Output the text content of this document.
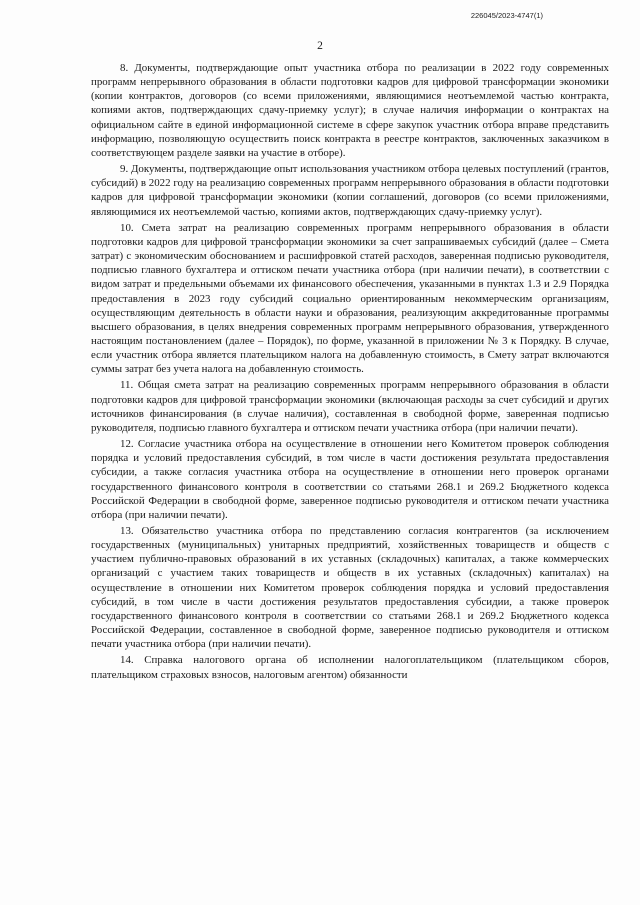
226045/2023-4747(1)
2

8. Документы, подтверждающие опыт участника отбора по реализации в 2022 году современных программ непрерывного образования в области подготовки кадров для цифровой трансформации экономики (копии контрактов, договоров (со всеми приложениями, являющимися неотъемлемой частью контракта, копиями актов, подтверждающих сдачу-приемку услуг); в случае наличия информации о контрактах на официальном сайте в единой информационной системе в сфере закупок участник отбора вправе представить информацию, позволяющую осуществить поиск контракта в реестре контрактов, заключенных заказчиком в соответствующем разделе заявки на участие в отборе).

9. Документы, подтверждающие опыт использования участником отбора целевых поступлений (грантов, субсидий) в 2022 году на реализацию современных программ непрерывного образования в области подготовки кадров для цифровой трансформации экономики (копии соглашений, договоров (со всеми приложениями, являющимися их неотъемлемой частью, копиями актов, подтверждающих сдачу-приемку услуг).

10. Смета затрат на реализацию современных программ непрерывного образования в области подготовки кадров для цифровой трансформации экономики за счет запрашиваемых субсидий (далее – Смета затрат) с экономическим обоснованием и расшифровкой статей расходов, заверенная подписью руководителя, подписью главного бухгалтера и оттиском печати участника отбора (при наличии печати), в соответствии с видом затрат и предельными объемами их финансового обеспечения, указанными в пунктах 1.3 и 2.9 Порядка предоставления в 2023 году субсидий социально ориентированным некоммерческим организациям, осуществляющим деятельность в области науки и образования, реализующим аккредитованные программы высшего образования, в целях внедрения современных программ непрерывного образования, утвержденного настоящим постановлением (далее – Порядок), по форме, указанной в приложении № 3 к Порядку. В случае, если участник отбора является плательщиком налога на добавленную стоимость, в Смету затрат включаются суммы затрат без учета налога на добавленную стоимость.

11. Общая смета затрат на реализацию современных программ непрерывного образования в области подготовки кадров для цифровой трансформации экономики (включающая расходы за счет субсидий и других источников финансирования (в случае наличия), составленная в свободной форме, заверенная подписью руководителя, подписью главного бухгалтера и оттиском печати участника отбора (при наличии печати).

12. Согласие участника отбора на осуществление в отношении него Комитетом проверок соблюдения порядка и условий предоставления субсидий, в том числе в части достижения результата предоставления субсидии, а также согласия участника отбора на осуществление в отношении него проверок органами государственного финансового контроля в соответствии со статьями 268.1 и 269.2 Бюджетного кодекса Российской Федерации в свободной форме, заверенное подписью руководителя и оттиском печати участника отбора (при наличии печати).

13. Обязательство участника отбора по представлению согласия контрагентов (за исключением государственных (муниципальных) унитарных предприятий, хозяйственных товариществ и обществ с участием публично-правовых образований в их уставных (складочных) капиталах, а также коммерческих организаций с участием таких товариществ и обществ в их уставных (складочных) капиталах) на осуществление в отношении них Комитетом проверок соблюдения порядка и условий предоставления субсидий, в том числе в части достижения результатов предоставления субсидии, а также проверок государственного финансового контроля в соответствии со статьями 268.1 и 269.2 Бюджетного кодекса Российской Федерации, составленное в свободной форме, заверенное подписью руководителя и оттиском печати участника отбора (при наличии печати).

14. Справка налогового органа об исполнении налогоплательщиком (плательщиком сборов, плательщиком страховых взносов, налоговым агентом) обязанности
